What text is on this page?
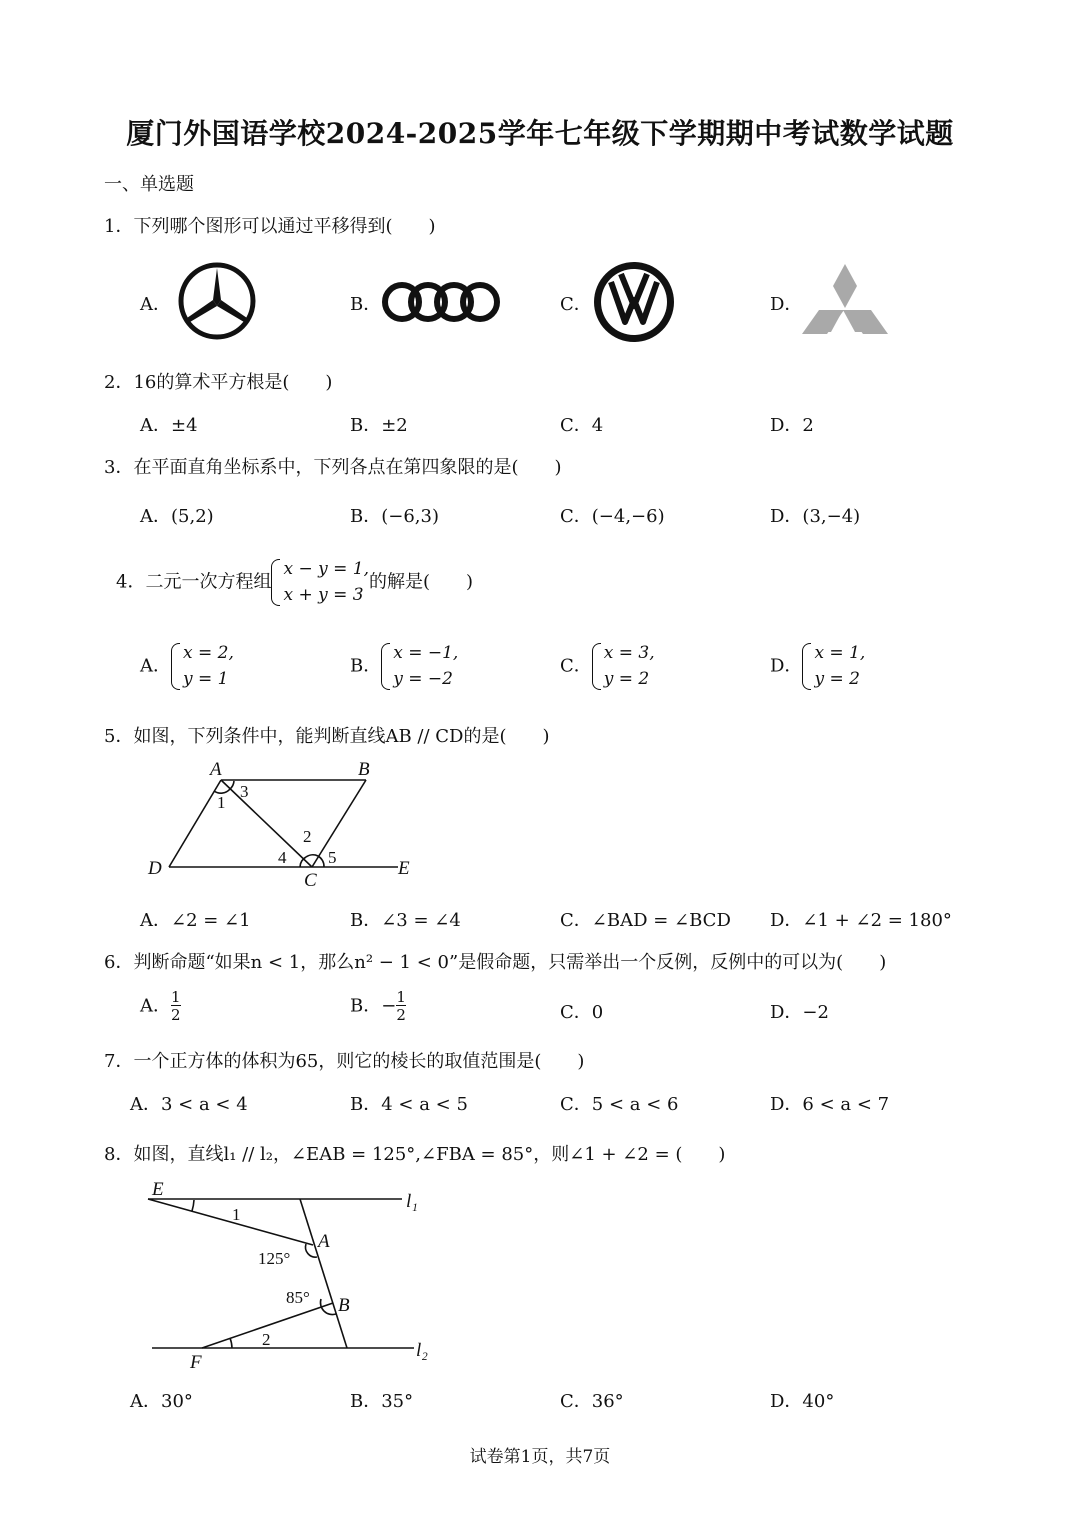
厦门外国语学校2024-2025学年七年级下学期期中考试数学试题
一、单选题
1．下列哪个图形可以通过平移得到(　　)
A．	B．	C．	D．
2．16的算术平方根是(　　)
A．±4	B．±2	C．4	D．2
3．在平面直角坐标系中，下列各点在第四象限的是(　　)
A．(5,2)	B．(−6,3)	C．(−4,−6)	D．(3,−4)
4．二元一次方程组
x − y = 1,
x + y = 3
的解是(　　)
A．
x = 2,
y = 1
B．
x = −1,
y = −2
C．
x = 3,
y = 2
D．
x = 1,
y = 2
5．如图，下列条件中，能判断直线AB // CD的是(　　)
A	B
C
D	E
1
2
3
4 5
A．∠2 = ∠1	B．∠3 = ∠4	C．∠BAD = ∠BCD D．∠1 + ∠2 = 180°
6．判断命题“如果n < 1，那么n² − 1 < 0”是假命题，只需举出一个反例，反例中的可以为(　　)
A． $\frac{1}{2}$	B．− $\frac{1}{2}$	C．0	D．−2
7．一个正方体的体积为65，则它的棱长的取值范围是(　　)
A．3 < a < 4	B．4 < a < 5	C．5 < a < 6	D．6 < a < 7
8．如图，直线l₁ // l₂，∠EAB = 125°,∠FBA = 85°，则∠1 + ∠2 = (　　)
E
F
A
B
l₁
l₂
1
2
125°
85°
A．30°	B．35°	C．36°	D．40°
试卷第1页，共7页
